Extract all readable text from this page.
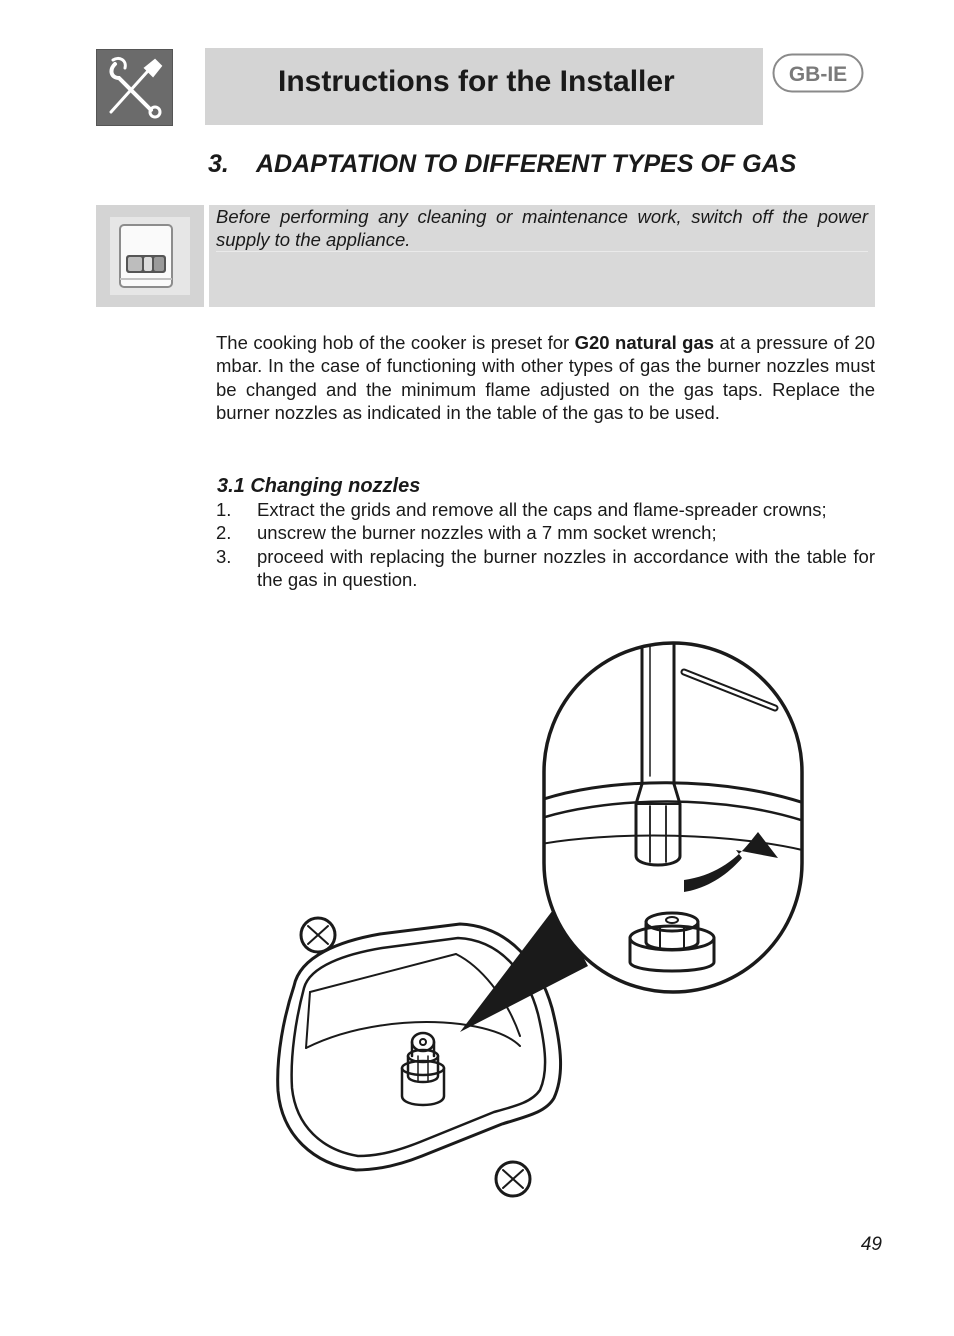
Instructions for the Installer	GB-IE
3. ADAPTATION TO DIFFERENT TYPES OF GAS
Before performing any cleaning or maintenance work, switch off the power supply to the appliance.
The cooking hob of the cooker is preset for G20 natural gas at a pressure of 20 mbar. In the case of functioning with other types of gas the burner nozzles must be changed and the minimum flame adjusted on the gas taps. Replace the burner nozzles as indicated in the table of the gas to be used.
3.1 Changing nozzles
1. Extract the grids and remove all the caps and flame-spreader crowns;
2. unscrew the burner nozzles with a 7 mm socket wrench;
3. proceed with replacing the burner nozzles in accordance with the table for the gas in question.
49
